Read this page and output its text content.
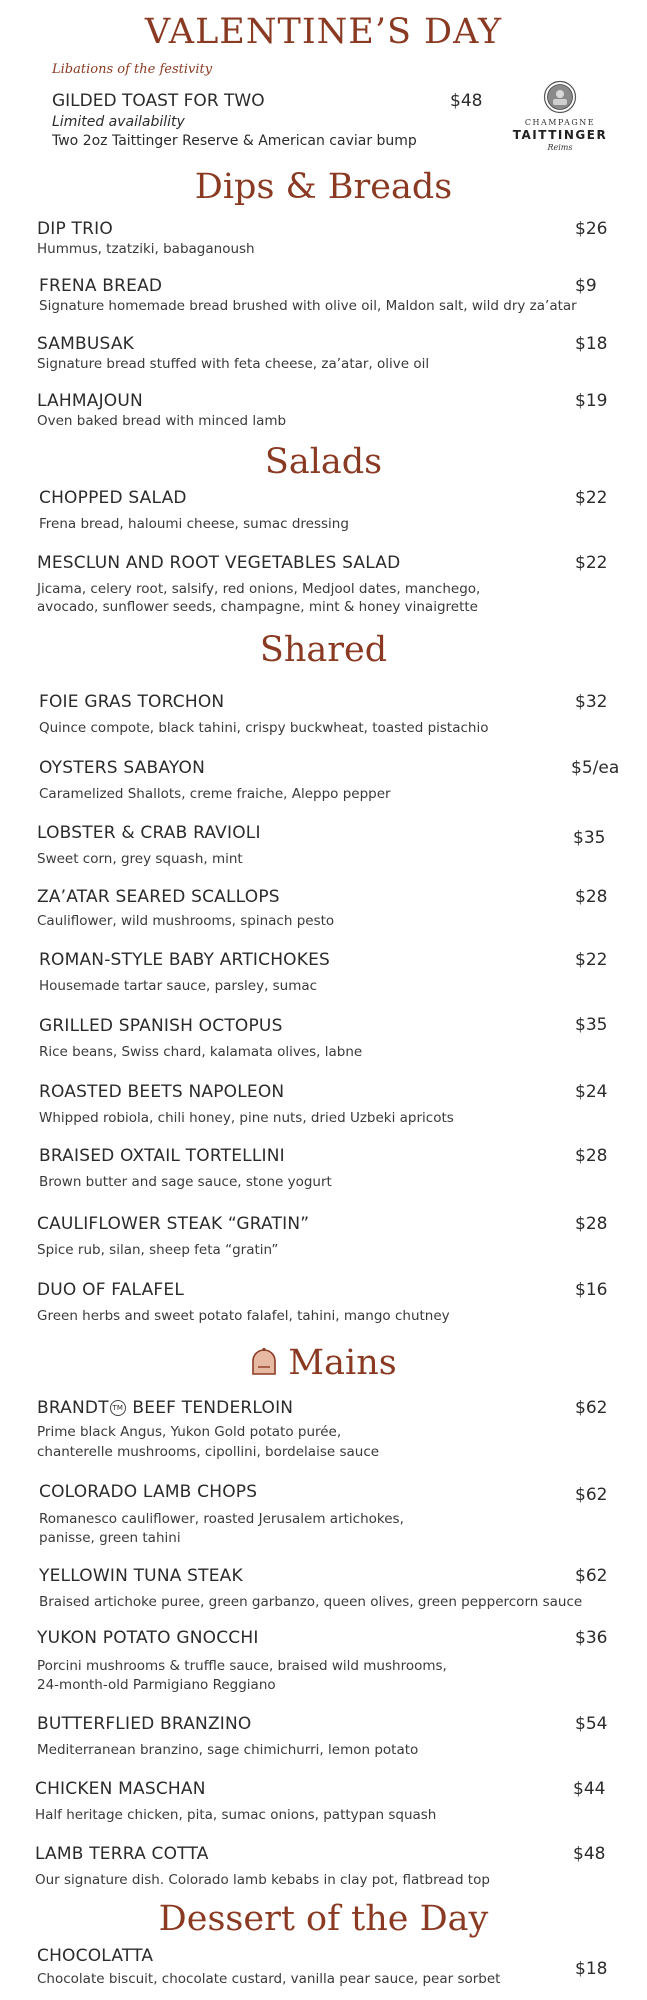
VALENTINE’S DAY
Libations of the festivity
GILDED TOAST FOR TWO	$48
Limited availability
Two 2oz Taittinger Reserve & American caviar bump
CHAMPAGNE
TAITTINGER
Reims
Dips & Breads
DIP TRIO	$26
Hummus, tzatziki, babaganoush
FRENA BREAD	$9
Signature homemade bread brushed with olive oil, Maldon salt, wild dry za’atar
SAMBUSAK	$18
Signature bread stuffed with feta cheese, za’atar, olive oil
LAHMAJOUN	$19
Oven baked bread with minced lamb
Salads
CHOPPED SALAD	$22
Frena bread, haloumi cheese, sumac dressing
MESCLUN AND ROOT VEGETABLES SALAD	$22
Jicama, celery root, salsify, red onions, Medjool dates, manchego,
avocado, sunflower seeds, champagne, mint & honey vinaigrette
Shared
FOIE GRAS TORCHON	$32
Quince compote, black tahini, crispy buckwheat, toasted pistachio
OYSTERS SABAYON	$5/ea
Caramelized Shallots, creme fraiche, Aleppo pepper
LOBSTER & CRAB RAVIOLI	$35
Sweet corn, grey squash, mint
ZA’ATAR SEARED SCALLOPS	$28
Cauliflower, wild mushrooms, spinach pesto
ROMAN-STYLE BABY ARTICHOKES	$22
Housemade tartar sauce, parsley, sumac
GRILLED SPANISH OCTOPUS	$35
Rice beans, Swiss chard, kalamata olives, labne
ROASTED BEETS NAPOLEON	$24
Whipped robiola, chili honey, pine nuts, dried Uzbeki apricots
BRAISED OXTAIL TORTELLINI	$28
Brown butter and sage sauce, stone yogurt
CAULIFLOWER STEAK “GRATIN”	$28
Spice rub, silan, sheep feta “gratin”
DUO OF FALAFEL	$16
Green herbs and sweet potato falafel, tahini, mango chutney
Mains
BRANDT TM BEEF TENDERLOIN	$62
Prime black Angus, Yukon Gold potato purée,
chanterelle mushrooms, cipollini, bordelaise sauce
COLORADO LAMB CHOPS	$62
Romanesco cauliflower, roasted Jerusalem artichokes,
panisse, green tahini
YELLOWIN TUNA STEAK	$62
Braised artichoke puree, green garbanzo, queen olives, green peppercorn sauce
YUKON POTATO GNOCCHI	$36
Porcini mushrooms & truffle sauce, braised wild mushrooms,
24-month-old Parmigiano Reggiano
BUTTERFLIED BRANZINO	$54
Mediterranean branzino, sage chimichurri, lemon potato
CHICKEN MASCHAN	$44
Half heritage chicken, pita, sumac onions, pattypan squash
LAMB TERRA COTTA	$48
Our signature dish. Colorado lamb kebabs in clay pot, flatbread top
Dessert of the Day
CHOCOLATTA
$18
Chocolate biscuit, chocolate custard, vanilla pear sauce, pear sorbet
